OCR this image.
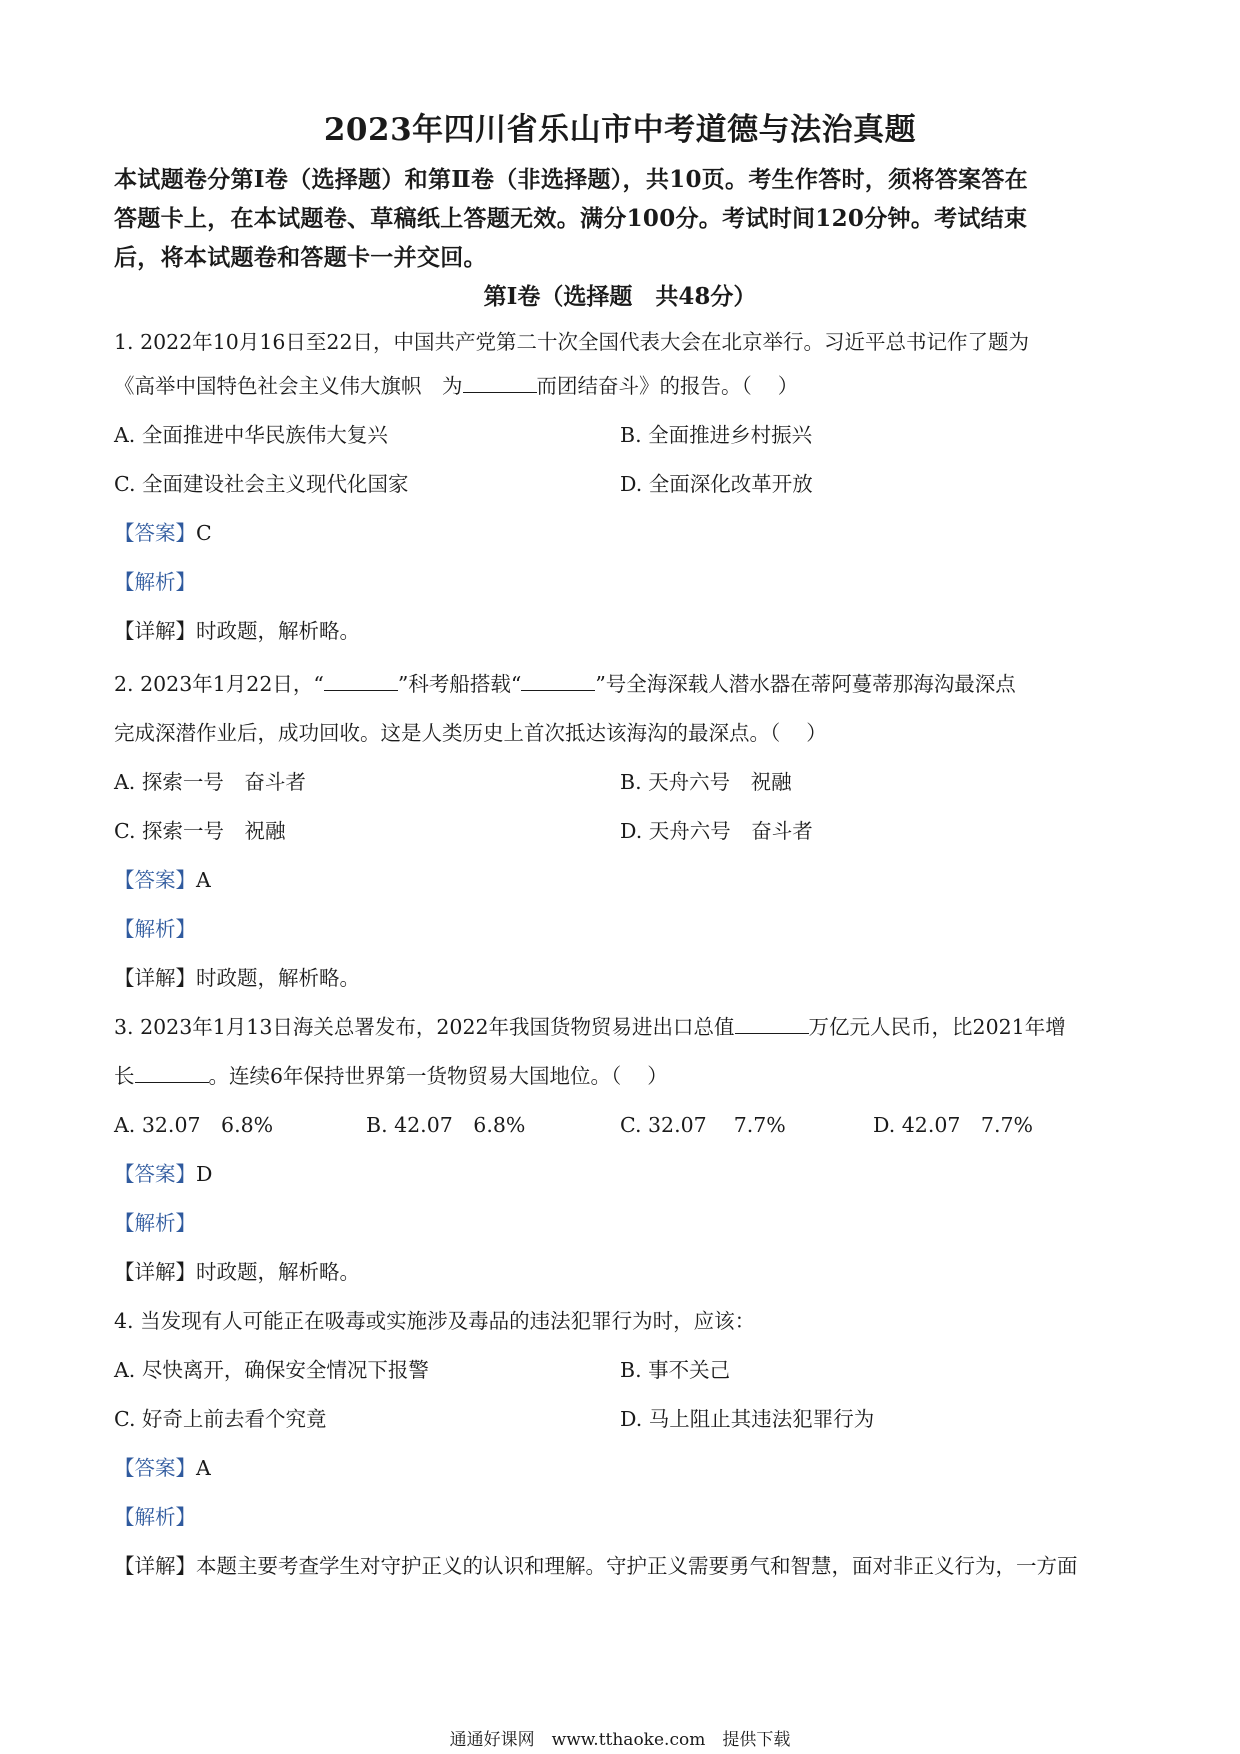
2023年四川省乐山市中考道德与法治真题
本试题卷分第Ⅰ卷（选择题）和第Ⅱ卷（非选择题），共10页。考生作答时，须将答案答在
答题卡上，在本试题卷、草稿纸上答题无效。满分100分。考试时间120分钟。考试结束
后，将本试题卷和答题卡一并交回。
第Ⅰ卷（选择题　共48分）
1. 2022年10月16日至22日，中国共产党第二十次全国代表大会在北京举行。习近平总书记作了题为
《高举中国特色社会主义伟大旗帜　为	而团结奋斗》的报告。（ ）
A. 全面推进中华民族伟大复兴	B. 全面推进乡村振兴
C. 全面建设社会主义现代化国家	D. 全面深化改革开放
【答案】C
【解析】
【详解】时政题，解析略。
2. 2023年1月22日，“	”科考船搭载“	”号全海深载人潜水器在蒂阿蔓蒂那海沟最深点
完成深潜作业后，成功回收。这是人类历史上首次抵达该海沟的最深点。（ ）
A. 探索一号　奋斗者	B. 天舟六号　祝融
C. 探索一号　祝融	D. 天舟六号　奋斗者
【答案】A
【解析】
【详解】时政题，解析略。
3. 2023年1月13日海关总署发布，2022年我国货物贸易进出口总值	万亿元人民币，比2021年增
长	。连续6年保持世界第一货物贸易大国地位。（ ）
A. 32.07　6.8%	B. 42.07　6.8%	C. 32.07　 7.7%	D. 42.07　7.7%
【答案】D
【解析】
【详解】时政题，解析略。
4. 当发现有人可能正在吸毒或实施涉及毒品的违法犯罪行为时，应该：
A. 尽快离开，确保安全情况下报警	B. 事不关己
C. 好奇上前去看个究竟	D. 马上阻止其违法犯罪行为
【答案】A
【解析】
【详解】本题主要考查学生对守护正义的认识和理解。守护正义需要勇气和智慧，面对非正义行为，一方面
通通好课网　www.tthaoke.com　提供下载
